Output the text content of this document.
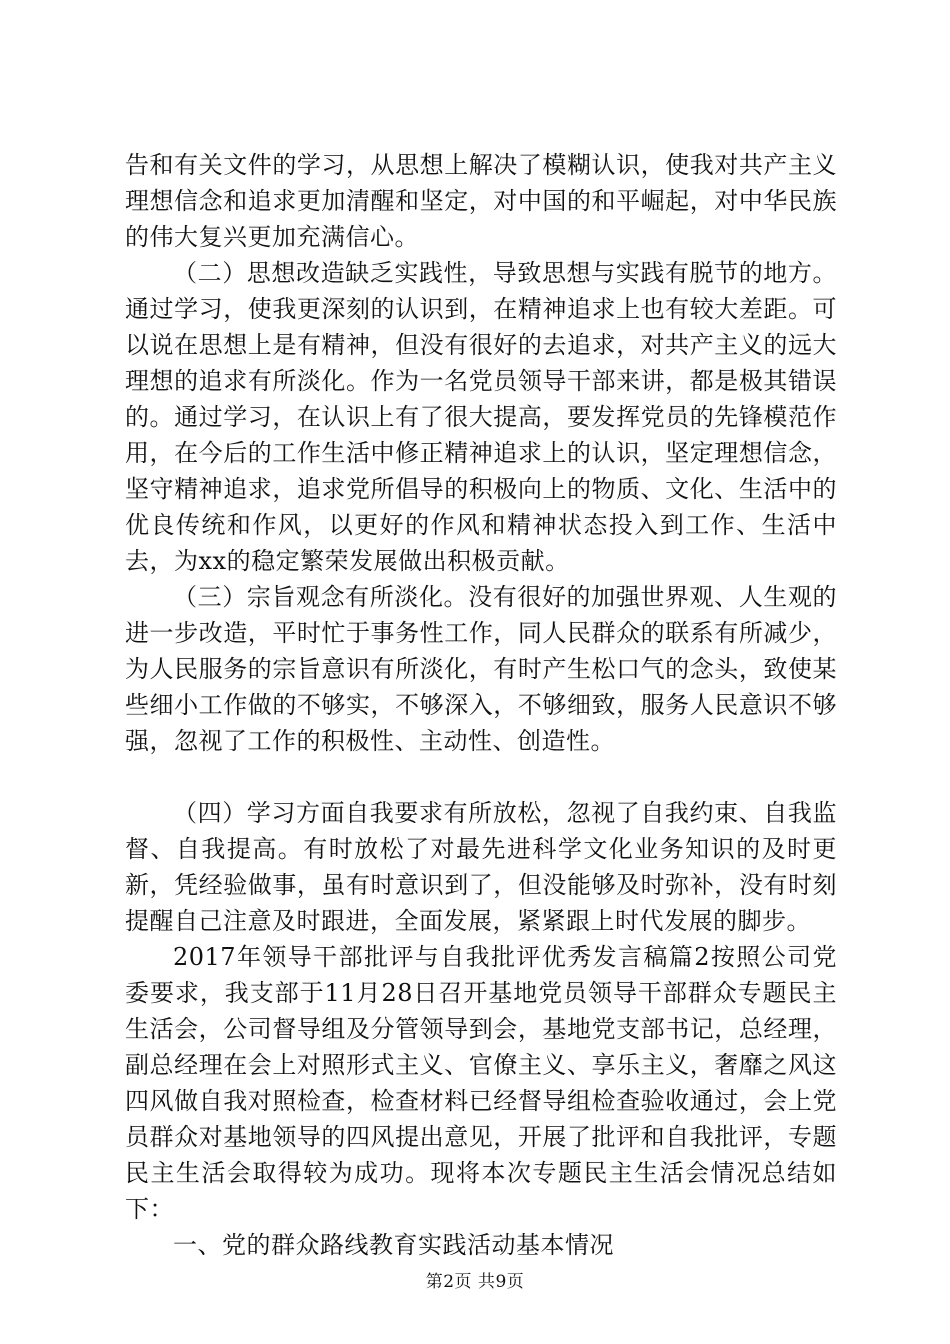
告和有关文件的学习，从思想上解决了模糊认识，使我对共产主义理想信念和追求更加清醒和坚定，对中国的和平崛起，对中华民族的伟大复兴更加充满信心。

（二）思想改造缺乏实践性，导致思想与实践有脱节的地方。通过学习，使我更深刻的认识到，在精神追求上也有较大差距。可以说在思想上是有精神，但没有很好的去追求，对共产主义的远大理想的追求有所淡化。作为一名党员领导干部来讲，都是极其错误的。通过学习，在认识上有了很大提高，要发挥党员的先锋模范作用，在今后的工作生活中修正精神追求上的认识，坚定理想信念，坚守精神追求，追求党所倡导的积极向上的物质、文化、生活中的优良传统和作风，以更好的作风和精神状态投入到工作、生活中去，为xx的稳定繁荣发展做出积极贡献。

（三）宗旨观念有所淡化。没有很好的加强世界观、人生观的进一步改造，平时忙于事务性工作，同人民群众的联系有所减少，为人民服务的宗旨意识有所淡化，有时产生松口气的念头，致使某些细小工作做的不够实，不够深入，不够细致，服务人民意识不够强，忽视了工作的积极性、主动性、创造性。

（四）学习方面自我要求有所放松，忽视了自我约束、自我监督、自我提高。有时放松了对最先进科学文化业务知识的及时更新，凭经验做事，虽有时意识到了，但没能够及时弥补，没有时刻提醒自己注意及时跟进，全面发展，紧紧跟上时代发展的脚步。

2017年领导干部批评与自我批评优秀发言稿篇2按照公司党委要求，我支部于11月28日召开基地党员领导干部群众专题民主生活会，公司督导组及分管领导到会，基地党支部书记，总经理，副总经理在会上对照形式主义、官僚主义、享乐主义，奢靡之风这四风做自我对照检查，检查材料已经督导组检查验收通过，会上党员群众对基地领导的四风提出意见，开展了批评和自我批评，专题民主生活会取得较为成功。现将本次专题民主生活会情况总结如下：

一、党的群众路线教育实践活动基本情况

第2页 共9页
